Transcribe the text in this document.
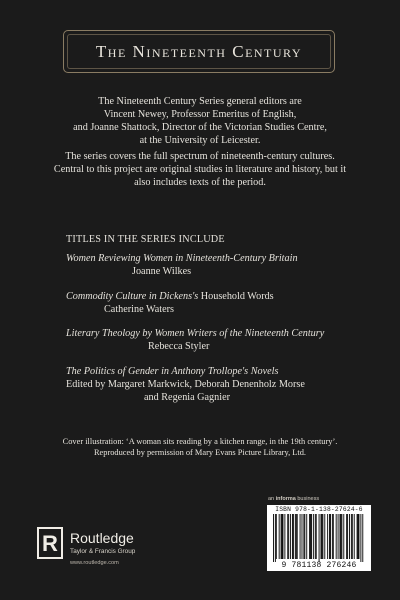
The Nineteenth Century

The Nineteenth Century Series general editors are

Vincent Newey, Professor Emeritus of English,

and Joanne Shattock, Director of the Victorian Studies Centre,

at the University of Leicester.

The series covers the full spectrum of nineteenth-century cultures.

Central to this project are original studies in literature and history, but it

also includes texts of the period.

TITLES IN THE SERIES INCLUDE
Women Reviewing Women in Nineteenth-Century Britain
Joanne Wilkes
Commodity Culture in Dickens's Household Words
Catherine Waters
Literary Theology by Women Writers of the Nineteenth Century
Rebecca Styler
The Politics of Gender in Anthony Trollope's Novels
Edited by Margaret Markwick, Deborah Denenholz Morse
and Regenia Gagnier

Cover illustration: ‘A woman sits reading by a kitchen range, in the 19th century’.

Reproduced by permission of Mary Evans Picture Library, Ltd.

an informa business
ISBN 978-1-138-27624-6
9 781138 276246
R Routledge
Taylor & Francis Group
www.routledge.com
